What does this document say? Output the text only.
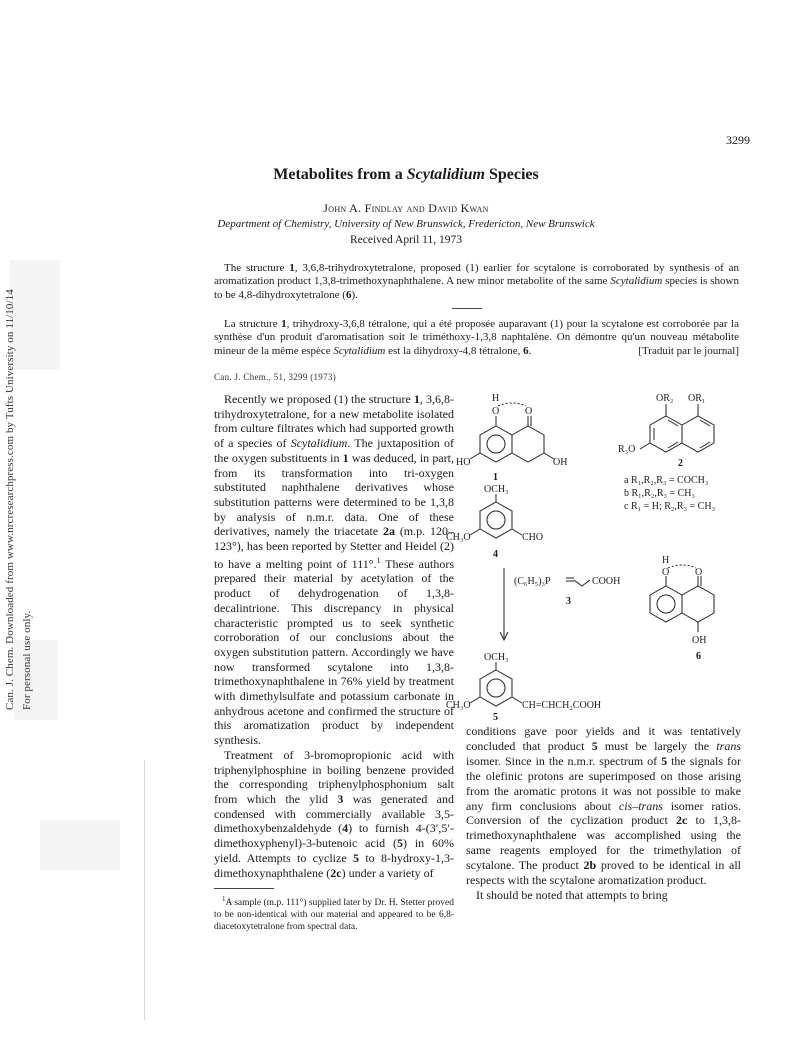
Can. J. Chem. Downloaded from www.nrcresearchpress.com by Tufts University on 11/10/14 For personal use only.
3299
Metabolites from a Scytalidium Species
John A. Findlay and David Kwan
Department of Chemistry, University of New Brunswick, Fredericton, New Brunswick
Received April 11, 1973
The structure 1, 3,6,8-trihydroxytetralone, proposed (1) earlier for scytalone is corroborated by synthesis of an aromatization product 1,3,8-trimethoxynaphthalene. A new minor metabolite of the same Scytalidium species is shown to be 4,8-dihydroxytetralone (6).
La structure 1, trihydroxy-3,6,8 tétralone, qui a été proposée auparavant (1) pour la scytalone est corroborée par la synthèse d'un produit d'aromatisation soit le triméthoxy-1,3,8 naphtalène. On démontre qu'un nouveau métabolite mineur de la même espèce Scytalidium est la dihydroxy-4,8 tétralone, 6.	[Traduit par le journal]
Can. J. Chem., 51, 3299 (1973)

Recently we proposed (1) the structure 1, 3,6,8-trihydroxytetralone, for a new metabolite isolated from culture filtrates which had supported growth of a species of Scytalidium. The juxtaposition of the oxygen substituents in 1 was deduced, in part, from its transformation into tri-oxygen substituted naphthalene derivatives whose substitution patterns were determined to be 1,3,8 by analysis of n.m.r. data. One of these derivatives, namely the triacetate 2a (m.p. 120–123°), has been reported by Stetter and Heidel (2) to have a melting point of 111°.$^1$ These authors prepared their material by acetylation of the product of dehydrogenation of 1,3,8-decalintrione. This discrepancy in physical characteristic prompted us to seek synthetic corroboration of our conclusions about the oxygen substitution pattern. Accordingly we have now transformed scytalone into 1,3,8-trimethoxynaphthalene in 76% yield by treatment with dimethylsulfate and potassium carbonate in anhydrous acetone and confirmed the structure of this aromatization product by independent synthesis.

Treatment of 3-bromopropionic acid with triphenylphosphine in boiling benzene provided the corresponding triphenylphosphonium salt from which the ylid 3 was generated and condensed with commercially available 3,5-dimethoxybenzaldehyde (4) to furnish 4-(3′,5′-dimethoxyphenyl)-3-butenoic acid (5) in 60% yield. Attempts to cyclize 5 to 8-hydroxy-1,3-dimethoxynaphthalene (2c) under a variety of

$^1$A sample (m.p. 111°) supplied later by Dr. H. Stetter proved to be non-identical with our material and appeared to be 6,8-diacetoxytetralone from spectral data.

conditions gave poor yields and it was tentatively concluded that product 5 must be largely the trans isomer. Since in the n.m.r. spectrum of 5 the signals for the olefinic protons are superimposed on those arising from the aromatic protons it was not possible to make any firm conclusions about cis–trans isomer ratios. Conversion of the cyclization product 2c to 1,3,8-trimethoxynaphthalene was accomplished using the same reagents employed for the trimethylation of scytalone. The product 2b proved to be identical in all respects with the scytalone aromatization product.

It should be noted that attempts to bring

H
O	O
HO	OH
1
OR₂ OR₁
R₃O
2
a R₁,R₂,R₃ = COCH₃
b R₁,R₂,R₃ = CH₃
c R₁ = H; R₂,R₃ = CH₃
OCH₃
CH₃O	CHO
4
(C₆H₅)₃P	COOH
3
H
O	O
OH
6
OCH₃
CH₃O	CH=CHCH₂COOH
5
